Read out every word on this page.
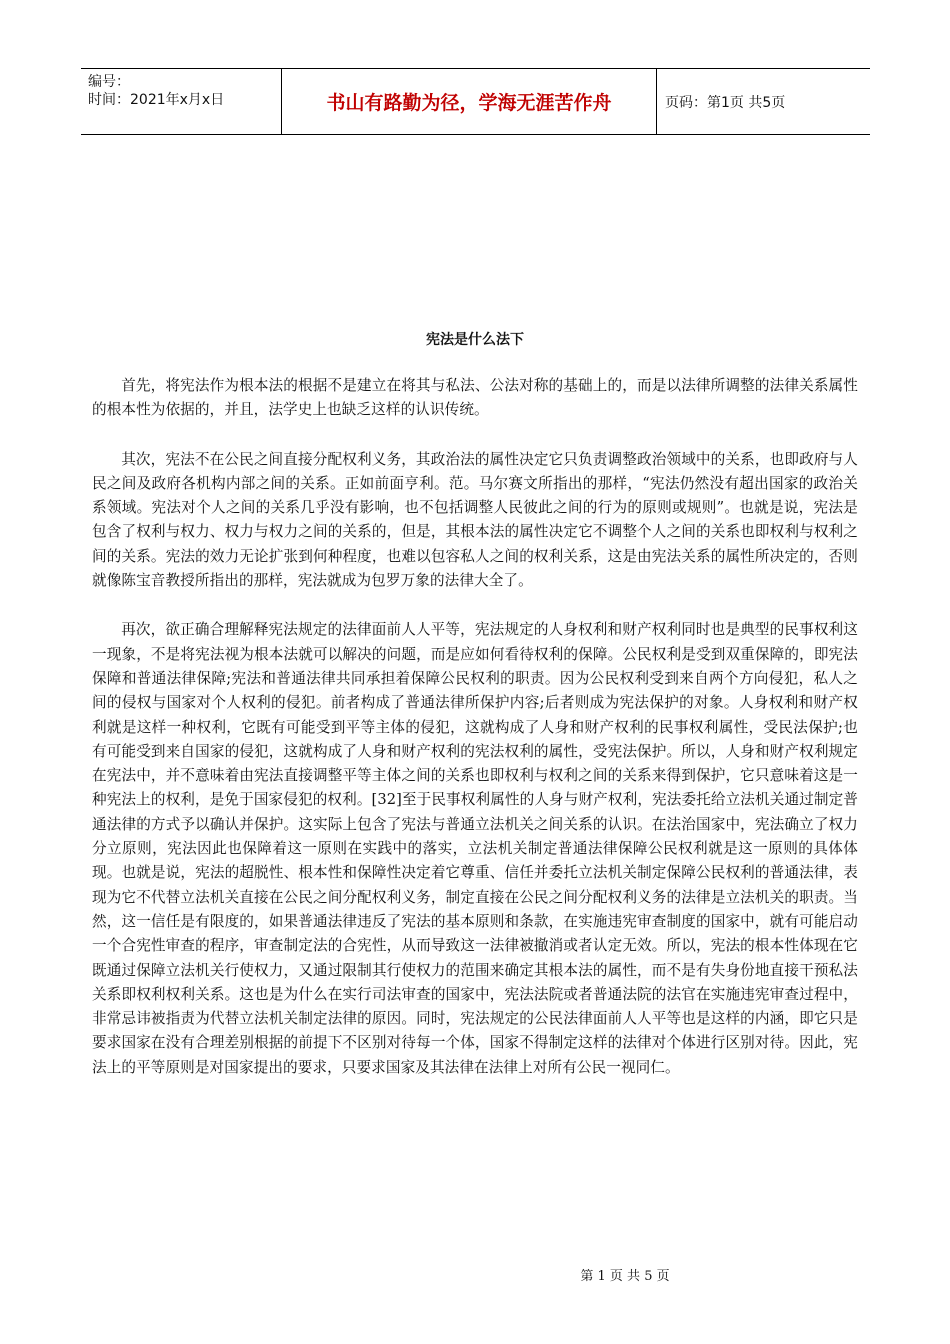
编号：
时间：2021年x月x日	书山有路勤为径，学海无涯苦作舟	页码：第1页 共5页
宪法是什么法下

首先，将宪法作为根本法的根据不是建立在将其与私法、公法对称的基础上的，而是以法律所调整的法律关系属性的根本性为依据的，并且，法学史上也缺乏这样的认识传统。

其次，宪法不在公民之间直接分配权利义务，其政治法的属性决定它只负责调整政治领域中的关系，也即政府与人民之间及政府各机构内部之间的关系。正如前面亨利。范。马尔赛文所指出的那样，“宪法仍然没有超出国家的政治关系领域。宪法对个人之间的关系几乎没有影响，也不包括调整人民彼此之间的行为的原则或规则”。也就是说，宪法是包含了权利与权力、权力与权力之间的关系的，但是，其根本法的属性决定它不调整个人之间的关系也即权利与权利之间的关系。宪法的效力无论扩张到何种程度，也难以包容私人之间的权利关系，这是由宪法关系的属性所决定的，否则就像陈宝音教授所指出的那样，宪法就成为包罗万象的法律大全了。

再次，欲正确合理解释宪法规定的法律面前人人平等，宪法规定的人身权利和财产权利同时也是典型的民事权利这一现象，不是将宪法视为根本法就可以解决的问题，而是应如何看待权利的保障。公民权利是受到双重保障的，即宪法保障和普通法律保障;宪法和普通法律共同承担着保障公民权利的职责。因为公民权利受到来自两个方向侵犯，私人之间的侵权与国家对个人权利的侵犯。前者构成了普通法律所保护内容;后者则成为宪法保护的对象。人身权利和财产权利就是这样一种权利，它既有可能受到平等主体的侵犯，这就构成了人身和财产权利的民事权利属性，受民法保护;也有可能受到来自国家的侵犯，这就构成了人身和财产权利的宪法权利的属性，受宪法保护。所以，人身和财产权利规定在宪法中，并不意味着由宪法直接调整平等主体之间的关系也即权利与权利之间的关系来得到保护，它只意味着这是一种宪法上的权利，是免于国家侵犯的权利。[32]至于民事权利属性的人身与财产权利，宪法委托给立法机关通过制定普通法律的方式予以确认并保护。这实际上包含了宪法与普通立法机关之间关系的认识。在法治国家中，宪法确立了权力分立原则，宪法因此也保障着这一原则在实践中的落实，立法机关制定普通法律保障公民权利就是这一原则的具体体现。也就是说，宪法的超脱性、根本性和保障性决定着它尊重、信任并委托立法机关制定保障公民权利的普通法律，表现为它不代替立法机关直接在公民之间分配权利义务，制定直接在公民之间分配权利义务的法律是立法机关的职责。当然，这一信任是有限度的，如果普通法律违反了宪法的基本原则和条款，在实施违宪审查制度的国家中，就有可能启动一个合宪性审查的程序，审查制定法的合宪性，从而导致这一法律被撤消或者认定无效。所以，宪法的根本性体现在它既通过保障立法机关行使权力，又通过限制其行使权力的范围来确定其根本法的属性，而不是有失身份地直接干预私法关系即权利权利关系。这也是为什么在实行司法审查的国家中，宪法法院或者普通法院的法官在实施违宪审查过程中，非常忌讳被指责为代替立法机关制定法律的原因。同时，宪法规定的公民法律面前人人平等也是这样的内涵，即它只是要求国家在没有合理差别根据的前提下不区别对待每一个体，国家不得制定这样的法律对个体进行区别对待。因此，宪法上的平等原则是对国家提出的要求，只要求国家及其法律在法律上对所有公民一视同仁。

第 1 页 共 5 页
